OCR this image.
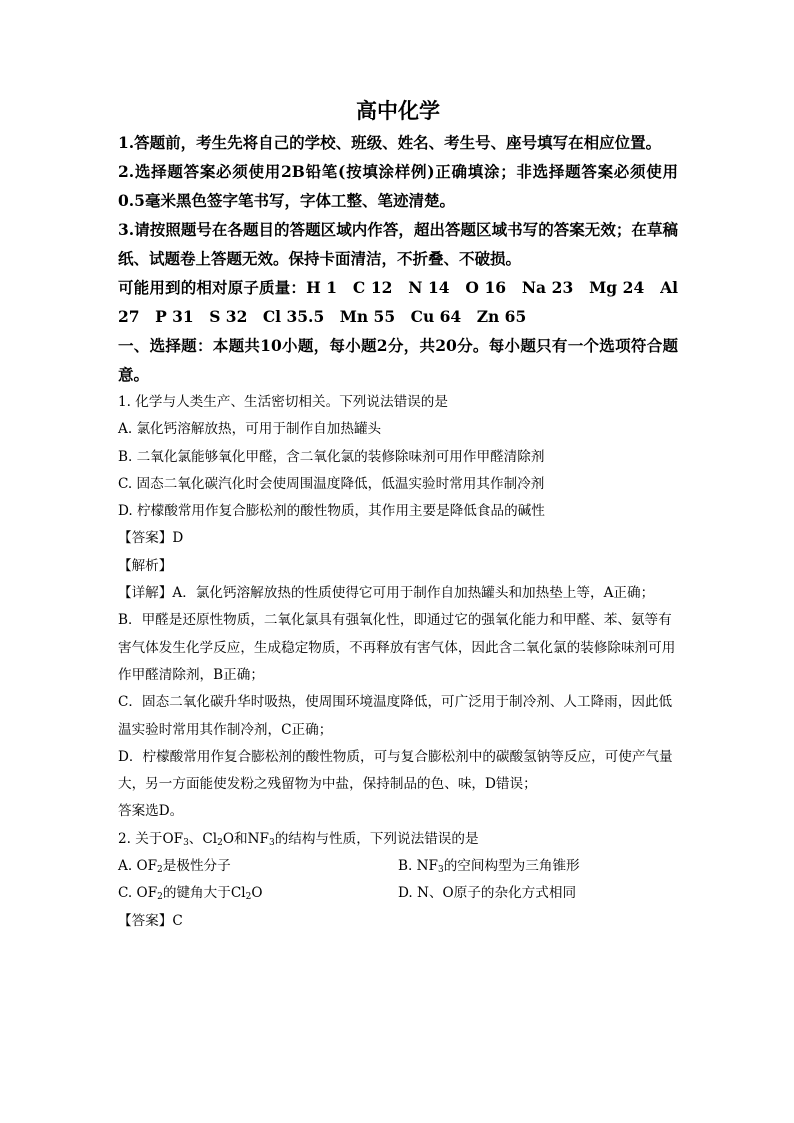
高中化学

1.答题前，考生先将自己的学校、班级、姓名、考生号、座号填写在相应位置。

2.选择题答案必须使用2B铅笔(按填涂样例)正确填涂；非选择题答案必须使用0.5毫米黑色签字笔书写，字体工整、笔迹清楚。

3.请按照题号在各题目的答题区域内作答，超出答题区域书写的答案无效；在草稿纸、试题卷上答题无效。保持卡面清洁，不折叠、不破损。

可能用到的相对原子质量：H 1　C 12　N 14　O 16　Na 23　Mg 24　Al 27　P 31　S 32　Cl 35.5　Mn 55　Cu 64　Zn 65

一、选择题：本题共10小题，每小题2分，共20分。每小题只有一个选项符合题意。

1. 化学与人类生产、生活密切相关。下列说法错误的是

A. 氯化钙溶解放热，可用于制作自加热罐头

B. 二氧化氯能够氧化甲醛，含二氧化氯的装修除味剂可用作甲醛清除剂

C. 固态二氧化碳汽化时会使周围温度降低，低温实验时常用其作制冷剂

D. 柠檬酸常用作复合膨松剂的酸性物质，其作用主要是降低食品的碱性

【答案】D

【解析】

【详解】A．氯化钙溶解放热的性质使得它可用于制作自加热罐头和加热垫上等，A正确；

B．甲醛是还原性物质，二氧化氯具有强氧化性，即通过它的强氧化能力和甲醛、苯、氨等有害气体发生化学反应，生成稳定物质，不再释放有害气体，因此含二氧化氯的装修除味剂可用作甲醛清除剂，B正确；

C．固态二氧化碳升华时吸热，使周围环境温度降低，可广泛用于制冷剂、人工降雨，因此低温实验时常用其作制冷剂，C正确；

D．柠檬酸常用作复合膨松剂的酸性物质，可与复合膨松剂中的碳酸氢钠等反应，可使产气量大，另一方面能使发粉之残留物为中盐，保持制品的色、味，D错误；

答案选D。

2. 关于$OF_3$、$Cl_2O$和$NF_3$的结构与性质，下列说法错误的是

A. $OF_2$是极性分子	B. $NF_3$的空间构型为三角锥形
C. $OF_2$的键角大于$Cl_2O$	D. N、O原子的杂化方式相同

【答案】C
